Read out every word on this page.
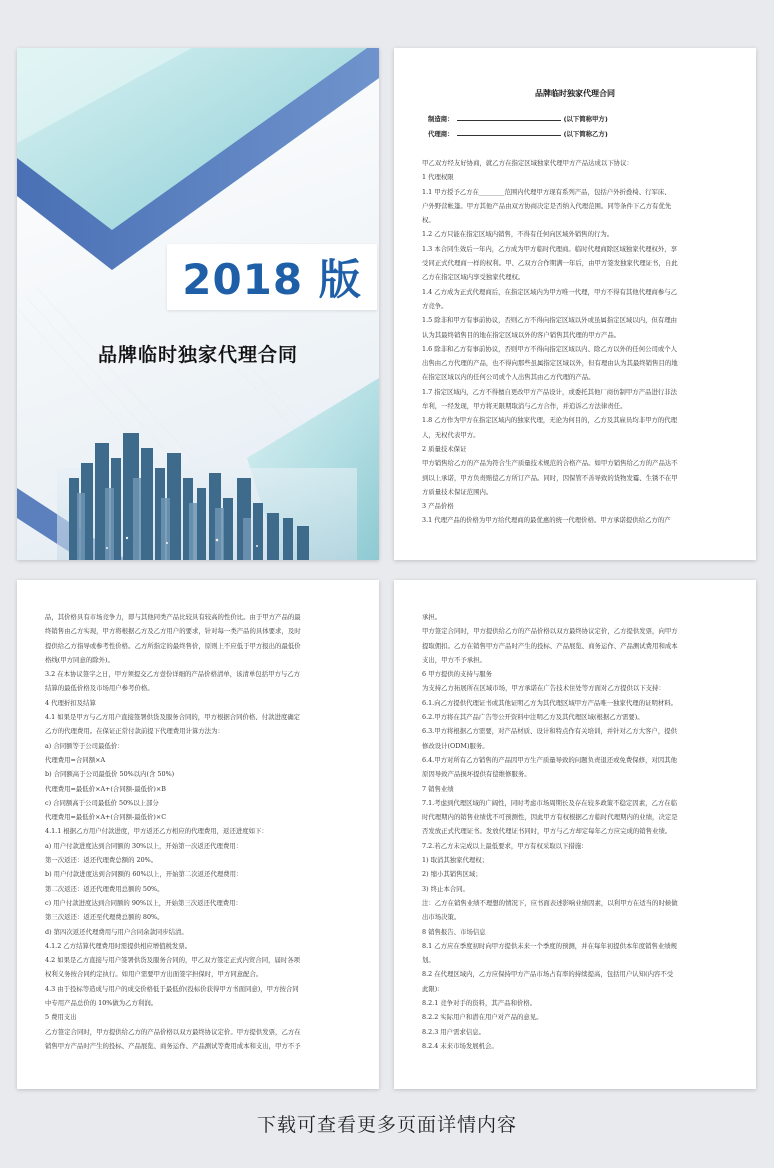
2018 版
品牌临时独家代理合同
品牌临时独家代理合同
制造商：	(以下简称甲方)
代理商：	(以下简称乙方)

甲乙双方经友好协商，就乙方在指定区域独家代理甲方产品达成以下协议：

1 代理权限

1.1 甲方授予乙方在________范围内代理甲方现有系列产品，包括户外折叠椅、行军床、

户外野营帐篷。甲方其他产品由双方协商决定是否纳入代理范围。同等条件下乙方有优先

权。

1.2 乙方只能在指定区域内销售，不得有任何向区域外销售的行为。

1.3 本合同生效后一年内，乙方成为甲方临时代理商。临时代理商除区域独家代理权外，享

受同正式代理商一样的权利。甲、乙双方合作期满一年后，由甲方签发独家代理证书，自此

乙方在指定区域内享受独家代理权。

1.4 乙方成为正式代理商后，在指定区域内为甲方唯一代理，甲方不得有其他代理商参与乙

方竞争。

1.5 除非和甲方有事前协议，否则乙方不得向指定区域以外或虽属指定区域以内，但有理由

认为其最终销售目的地在指定区域以外的客户销售其代理的甲方产品。

1.6 除非和乙方有事前协议，否则甲方不得向指定区域以内、除乙方以外的任何公司或个人

出售由乙方代理的产品，也不得向那些虽属指定区域以外，但有理由认为其最终销售目的地

在指定区域以内的任何公司或个人出售其由乙方代理的产品。

1.7 指定区域内，乙方不得擅自更改甲方产品设计，或委托其他厂商仿制甲方产品进行非法

牟利，一经发现，甲方将无限期取消与乙方合作，并追诉乙方法律责任。

1.8 乙方作为甲方在指定区域内的独家代理，无论为何目的，乙方及其雇员均非甲方的代理

人，无权代表甲方。

2 质量技术保证

甲方销售给乙方的产品为符合生产质量技术规范的合格产品。如甲方销售给乙方的产品达不

到以上承诺，甲方负责赔偿乙方所订产品。同时，因保管不善导致的货物发霉、生锈不在甲

方质量技术保证范围内。

3 产品价格

3.1 代理产品的价格为甲方给代理商的最优惠的统一代理价格。甲方承诺提供给乙方的产

品，其价格具有市场竞争力，即与其他同类产品比较具有较高的性价比。由于甲方产品的最

终销售由乙方实现，甲方将根据乙方及乙方用户的要求，针对每一类产品的具体要求，及时

提供给乙方指导或参考性价格。乙方所指定的最终售价，原则上不应低于甲方报出的最低价

格线(甲方同意的除外)。

3.2 在本协议签字之日，甲方须提交乙方壹份详细的产品价格清单，该清单包括甲方与乙方

结算的最低价格及市场用户参考价格。

4 代理折扣及结算

4.1 如果是甲方与乙方用户直接签署供货及服务合同的，甲方根据合同价格、付款进度确定

乙方的代理费用。在保证正常付款前提下代理费用计算方法为：

a) 合同额等于公司最低价：

代理费用=合同额×A

b) 合同额高于公司最低价 50%以内(含 50%)

代理费用=最低价×A+(合同额-最低价)×B

c) 合同额高于公司最低价 50%以上部分

代理费用=最低价×A+(合同额-最低价)×C

4.1.1 根据乙方用户付款进度，甲方返还乙方相应的代理费用，返还进度如下：

a) 用户付款进度达到合同额的 30%以上，开始第一次返还代理费用：

第一次返还：返还代理费总额的 20%。

b) 用户付款进度达到合同额的 60%以上，开始第二次返还代理费用：

第二次返还：返还代理费用总额的 50%。

c) 用户付款进度达到合同额的 90%以上，开始第三次返还代理费用：

第三次返还：返还至代理费总额的 80%。

d) 第四次返还代理费用与用户合同余款同步结清。

4.1.2 乙方结算代理费用时需提供相应增值税发票。

4.2 如果是乙方直接与用户签署供货及服务合同的，甲乙双方签定正式内贸合同，届时各项

权利义务按合同约定执行。如用户需要甲方出面签字担保时，甲方同意配合。

4.3 由于投标等造成与用户的成交价格低于最低价(投标价获得甲方书面同意)，甲方按合同

中专用产品总价的 10%做为乙方利润。

5 费用支出

乙方签定合同时，甲方提供给乙方的产品价格以双方最终协议定价。甲方提供发票，乙方在

销售甲方产品时产生的投标、产品展览、商务运作、产品测试等费用成本和支出，甲方不予

承担。

甲方签定合同时，甲方提供给乙方的产品价格以双方最终协议定价，乙方提供发票，向甲方

提取佣扣。乙方在销售甲方产品时产生的投标、产品展览、商务运作、产品测试费用和成本

支出，甲方不予承担。

6 甲方提供的支持与服务

为支持乙方拓展所在区域市场，甲方承诺在广告技术住处等方面对乙方提供以下支持：

6.1.向乙方提供代理证书或其他证明乙方为其代理区域甲方产品唯一独家代理的证明材料。

6.2.甲方将在其产品广告等公开资料中注明乙方及其代理区域(根据乙方需要)。

6.3.甲方将根据乙方需要，对产品材质、设计和特点作有关培训，并针对乙方大客户，提供

修改设计(ODM)服务。

6.4.甲方对所有乙方销售的产品因甲方生产质量导致的问题负责退还或免费保修，对因其他

原因导致产品损坏提供有偿维修服务。

7 销售业绩

7.1.考虑到代理区域的广阔性，同时考虑市场周期长及存在较多政策不稳定因素，乙方在临

时代理期内的销售业绩优不可预测性，因此甲方有权根据乙方临时代理期内的业绩，决定是

否发放正式代理证书。发放代理证书同时，甲方与乙方却定每年乙方应完成的销售业绩。

7.2.若乙方未完成以上最低要求，甲方有权采取以下措施：

1) 取消其独家代理权；

2) 缩小其销售区域；

3) 终止本合同。

注：乙方在销售业绩不理想的情况下，应书面表述影响业绩因素，以利甲方在适当的时候做

出市场决策。

8 销售报告、市场信息

8.1 乙方应在季度初时向甲方提供未来一个季度的预测，并在每年初提供本年度销售业绩规

划。

8.2 在代理区域内，乙方应保持甲方产品市场占有率的持续提高，包括用户认知(内容不受

此限)：

8.2.1 竞争对手的资料，其产品和价格。

8.2.2 实际用户和潜在用户对产品的意见。

8.2.3 用户需求信息。

8.2.4 未来市场发展机会。

下载可查看更多页面详情内容
